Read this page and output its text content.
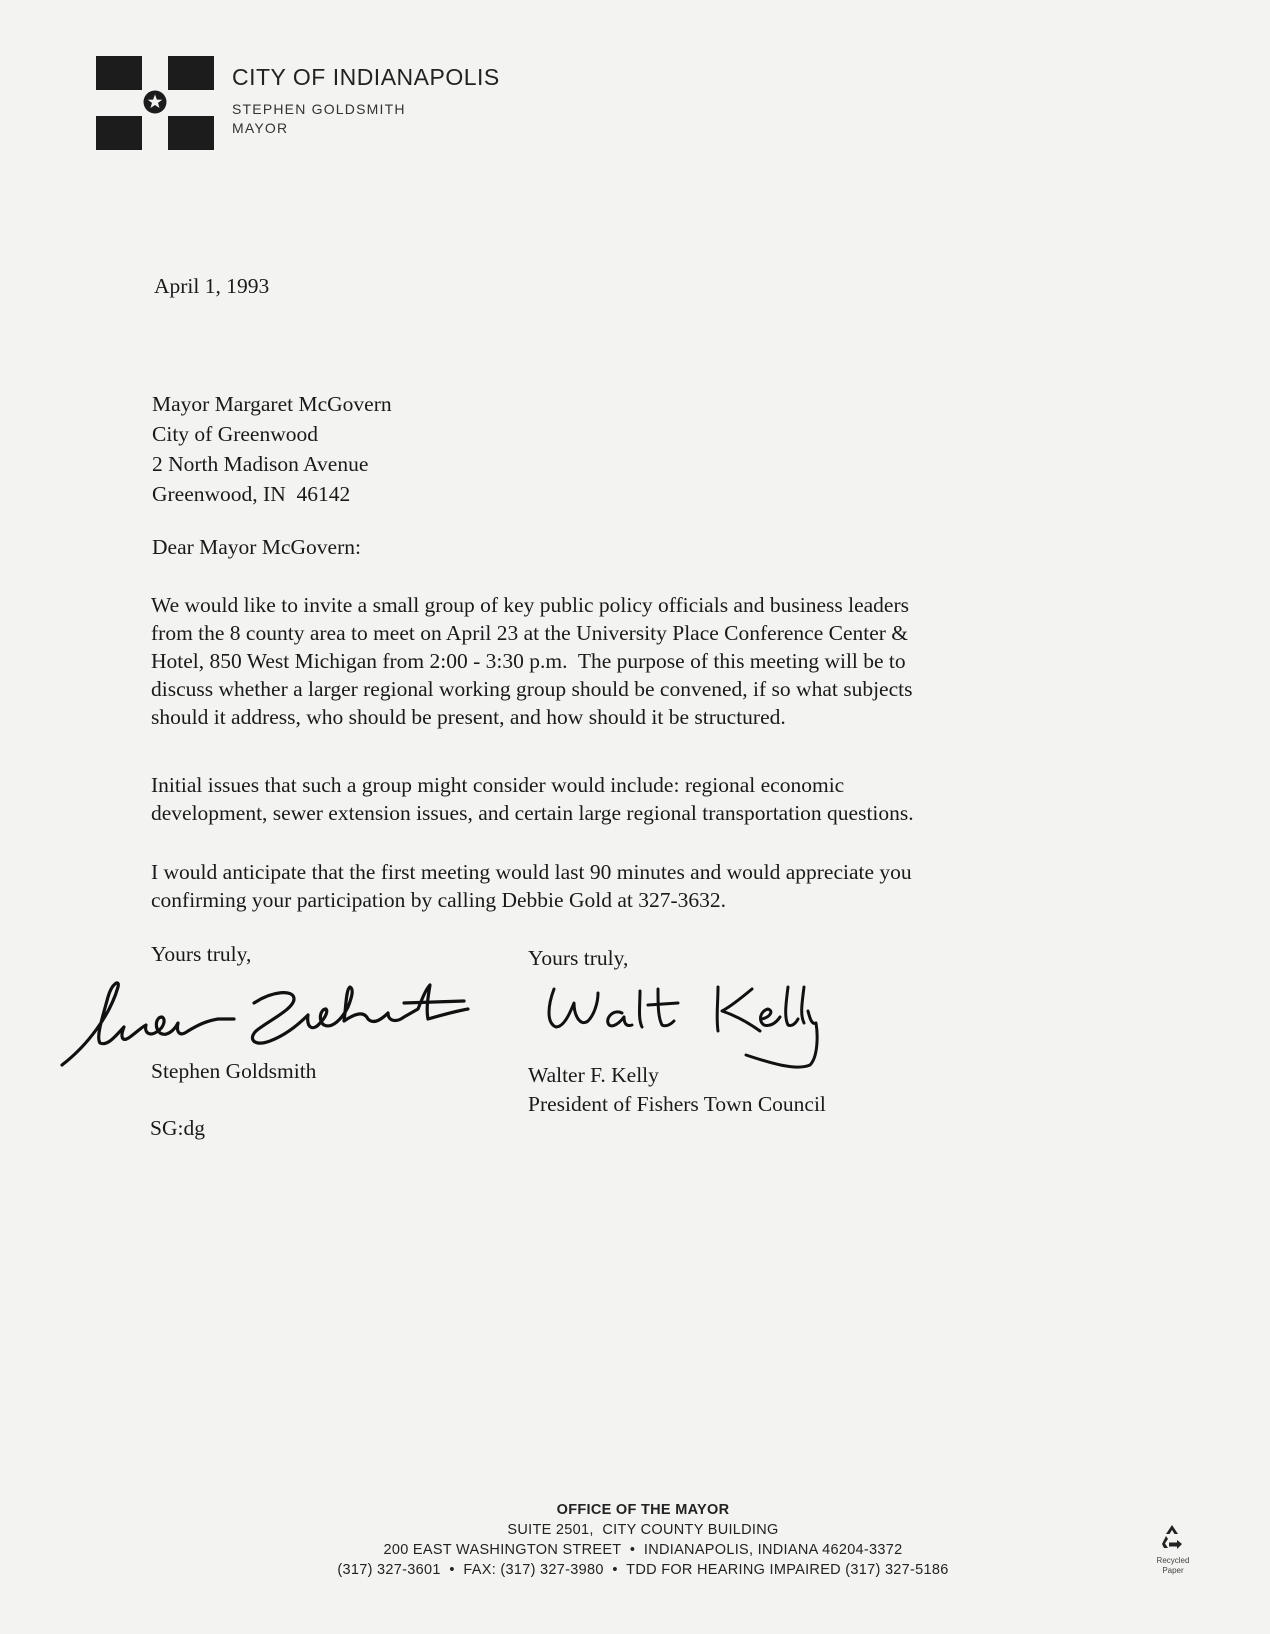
CITY OF INDIANAPOLIS
STEPHEN GOLDSMITH
MAYOR
April 1, 1993
Mayor Margaret McGovern
City of Greenwood
2 North Madison Avenue
Greenwood, IN  46142
Dear Mayor McGovern:
We would like to invite a small group of key public policy officials and business leaders
from the 8 county area to meet on April 23 at the University Place Conference Center &
Hotel, 850 West Michigan from 2:00 - 3:30 p.m.  The purpose of this meeting will be to
discuss whether a larger regional working group should be convened, if so what subjects
should it address, who should be present, and how should it be structured.
Initial issues that such a group might consider would include: regional economic
development, sewer extension issues, and certain large regional transportation questions.
I would anticipate that the first meeting would last 90 minutes and would appreciate you
confirming your participation by calling Debbie Gold at 327-3632.
Yours truly,
Stephen Goldsmith
Yours truly,
Walter F. Kelly
President of Fishers Town Council
SG:dg
OFFICE OF THE MAYOR
SUITE 2501,  CITY COUNTY BUILDING
200 EAST WASHINGTON STREET  •  INDIANAPOLIS, INDIANA 46204-3372
(317) 327-3601  •  FAX: (317) 327-3980  •  TDD FOR HEARING IMPAIRED (317) 327-5186
Recycled
Paper
